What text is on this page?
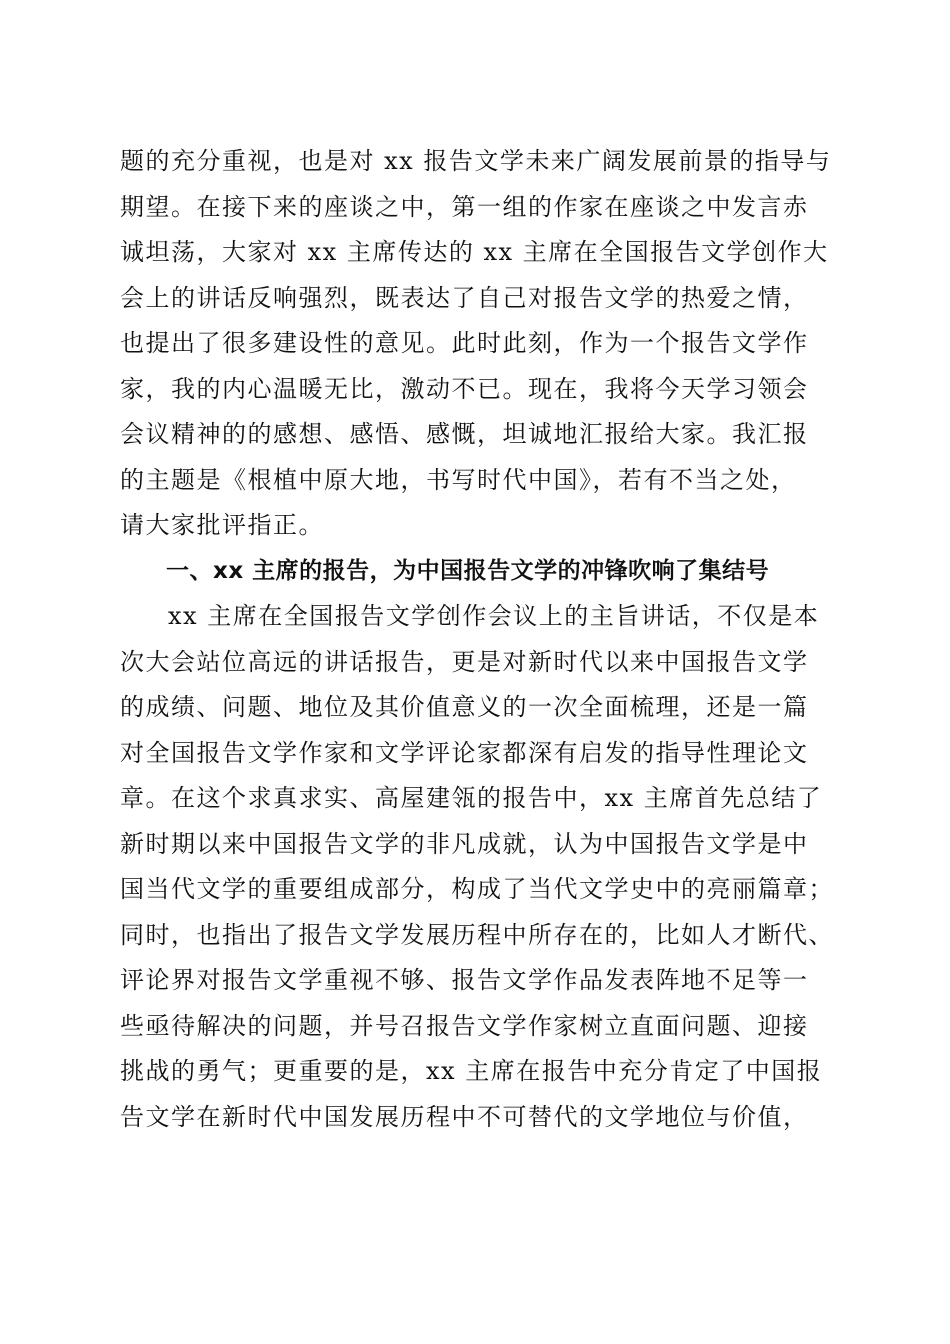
题的充分重视，也是对 xx 报告文学未来广阔发展前景的指导与
期望。在接下来的座谈之中，第一组的作家在座谈之中发言赤
诚坦荡，大家对 xx 主席传达的 xx 主席在全国报告文学创作大
会上的讲话反响强烈，既表达了自己对报告文学的热爱之情，
也提出了很多建设性的意见。此时此刻，作为一个报告文学作
家，我的内心温暖无比，激动不已。现在，我将今天学习领会
会议精神的的感想、感悟、感慨，坦诚地汇报给大家。我汇报
的主题是《根植中原大地，书写时代中国》，若有不当之处，
请大家批评指正。
一、xx 主席的报告，为中国报告文学的冲锋吹响了集结号
xx 主席在全国报告文学创作会议上的主旨讲话，不仅是本
次大会站位高远的讲话报告，更是对新时代以来中国报告文学
的成绩、问题、地位及其价值意义的一次全面梳理，还是一篇
对全国报告文学作家和文学评论家都深有启发的指导性理论文
章。在这个求真求实、高屋建瓴的报告中，xx 主席首先总结了
新时期以来中国报告文学的非凡成就，认为中国报告文学是中
国当代文学的重要组成部分，构成了当代文学史中的亮丽篇章；
同时，也指出了报告文学发展历程中所存在的，比如人才断代、
评论界对报告文学重视不够、报告文学作品发表阵地不足等一
些亟待解决的问题，并号召报告文学作家树立直面问题、迎接
挑战的勇气；更重要的是，xx 主席在报告中充分肯定了中国报
告文学在新时代中国发展历程中不可替代的文学地位与价值，
